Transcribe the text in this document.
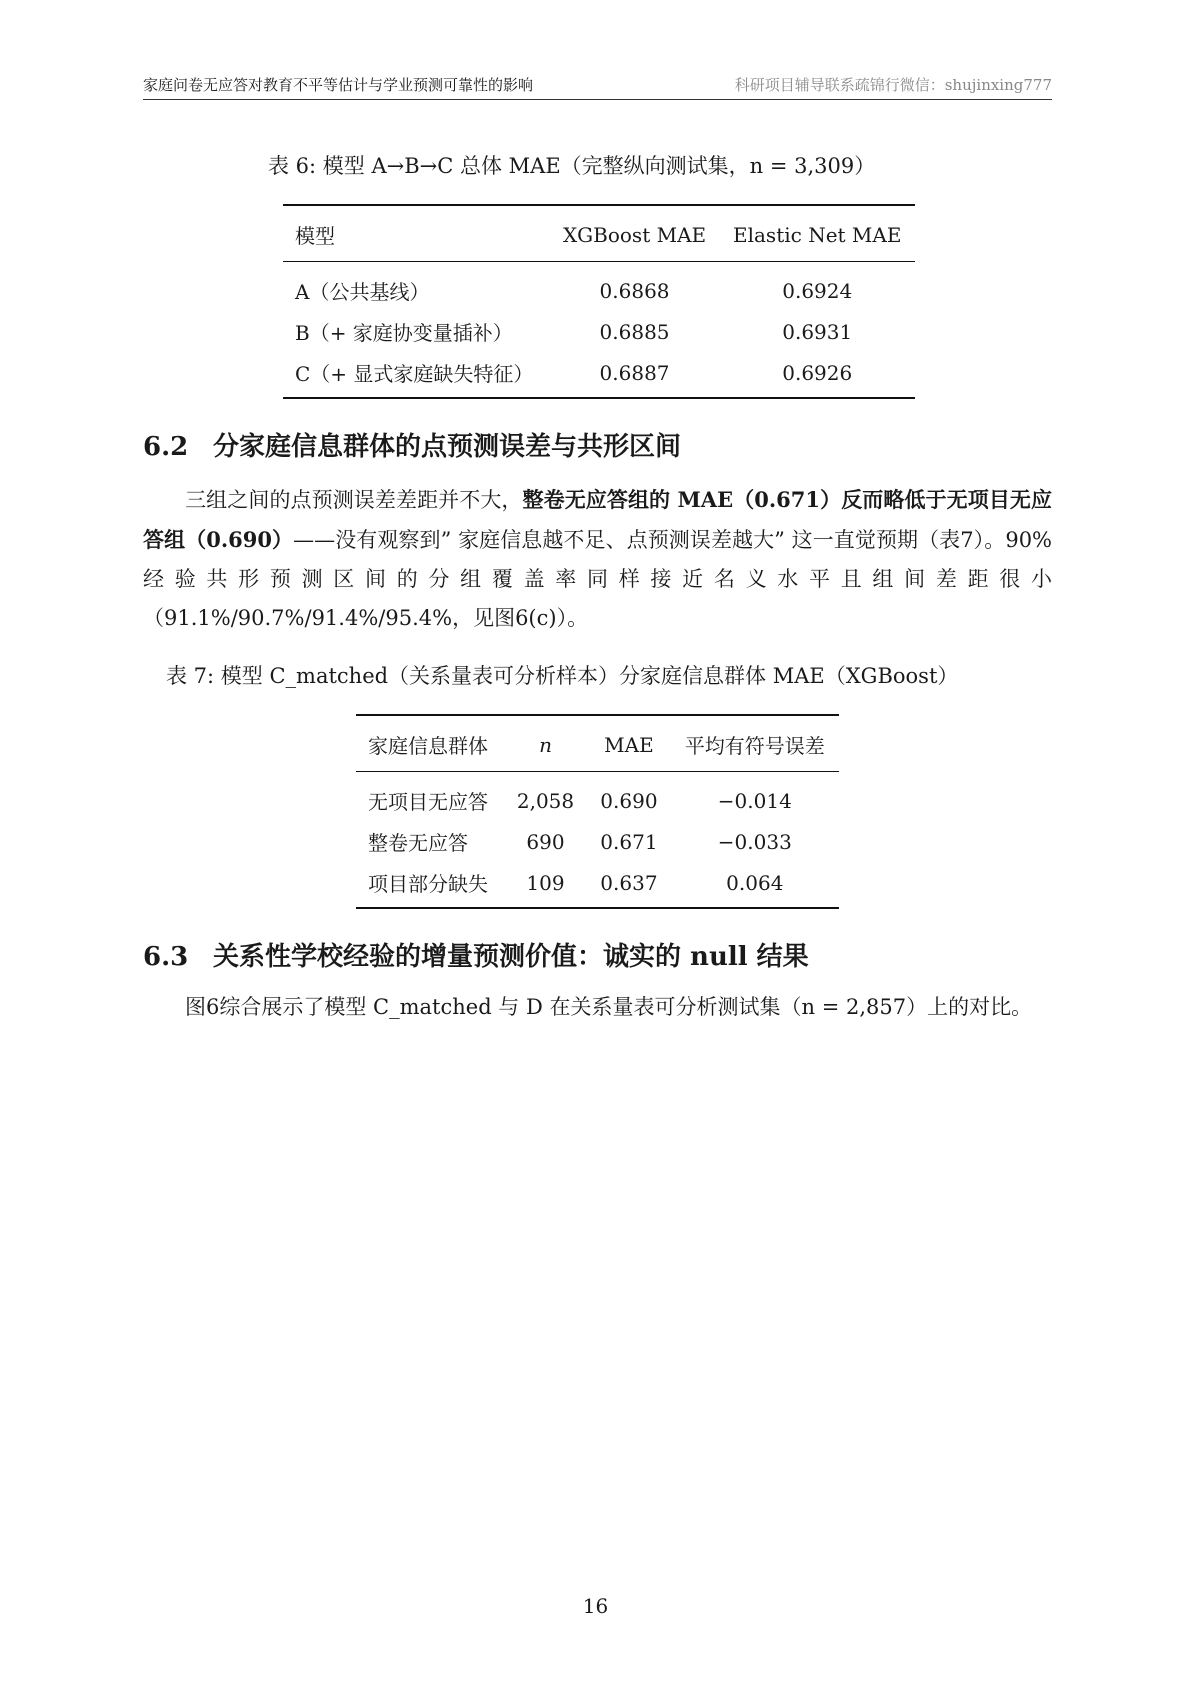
家庭问卷无应答对教育不平等估计与学业预测可靠性的影响	科研项目辅导联系疏锦行微信：shujinxing777
表 6: 模型 A→B→C 总体 MAE（完整纵向测试集，n = 3,309）
模型	XGBoost MAE	Elastic Net MAE
A（公共基线）	0.6868	0.6924
B（+ 家庭协变量插补）	0.6885	0.6931
C（+ 显式家庭缺失特征）	0.6887	0.6926
6.2 分家庭信息群体的点预测误差与共形区间
三组之间的点预测误差差距并不大，整卷无应答组的 MAE（0.671）反而略低于无项目无应答组（0.690）——没有观察到” 家庭信息越不足、点预测误差越大” 这一直觉预期（表7）。90% 经验共形预测区间的分组覆盖率同样接近名义水平且组间差距很小（91.1%/90.7%/91.4%/95.4%，见图6(c)）。
表 7: 模型 C_matched（关系量表可分析样本）分家庭信息群体 MAE（XGBoost）
家庭信息群体	n	MAE	平均有符号误差
无项目无应答	2,058	0.690	−0.014
整卷无应答	690	0.671	−0.033
项目部分缺失	109	0.637	0.064
6.3 关系性学校经验的增量预测价值：诚实的 null 结果
图6综合展示了模型 C_matched 与 D 在关系量表可分析测试集（n = 2,857）上的对比。
16
